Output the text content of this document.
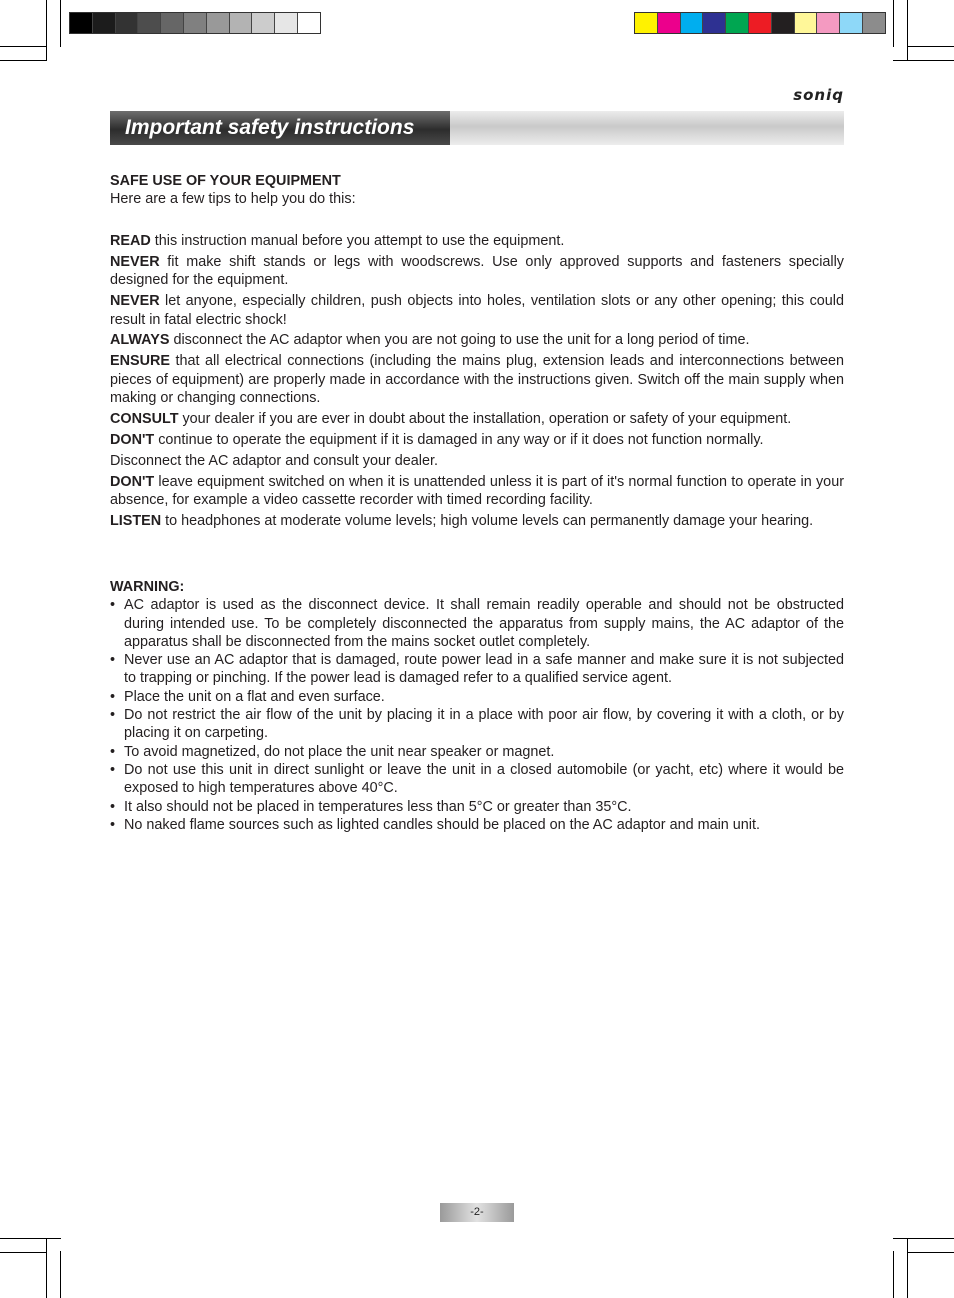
soniq
Important safety instructions

SAFE USE OF YOUR EQUIPMENT

Here are a few tips to help you do this:

READ this instruction manual before you attempt to use the equipment.

NEVER fit make shift stands or legs with woodscrews. Use only approved supports and fasteners specially designed for the equipment.

NEVER let anyone, especially children, push objects into holes, ventilation slots or any other opening; this could result in fatal electric shock!

ALWAYS disconnect the AC adaptor when you are not going to use the unit for a long period of time.

ENSURE that all electrical connections (including the mains plug, extension leads and interconnections between pieces of equipment) are properly made in accordance with the instructions given. Switch off the main supply when making or changing connections.

CONSULT your dealer if you are ever in doubt about the installation, operation or safety of your equipment.

DON'T continue to operate the equipment if it is damaged in any way or if it does not function normally.

Disconnect the AC adaptor and consult your dealer.

DON'T leave equipment switched on when it is unattended unless it is part of it's normal function to operate in your absence, for example a video cassette recorder with timed recording facility.

LISTEN to headphones at moderate volume levels; high volume levels can permanently damage your hearing.

WARNING:

• AC adaptor is used as the disconnect device. It shall remain readily operable and should not be obstructed during intended use. To be completely disconnected the apparatus from supply mains, the AC adaptor of the apparatus shall be disconnected from the mains socket outlet completely.
• Never use an AC adaptor that is damaged, route power lead in a safe manner and make sure it is not subjected to trapping or pinching. If the power lead is damaged refer to a qualified service agent.
• Place the unit on a flat and even surface.
• Do not restrict the air flow of the unit by placing it in a place with poor air flow, by covering it with a cloth, or by placing it on carpeting.
• To avoid magnetized, do not place the unit near speaker or magnet.
• Do not use this unit in direct sunlight or leave the unit in a closed automobile (or yacht, etc) where it would be exposed to high temperatures above 40°C.
• It also should not be placed in temperatures less than 5°C or greater than 35°C.
• No naked flame sources such as lighted candles should be placed on the AC adaptor and main unit.
-2-
